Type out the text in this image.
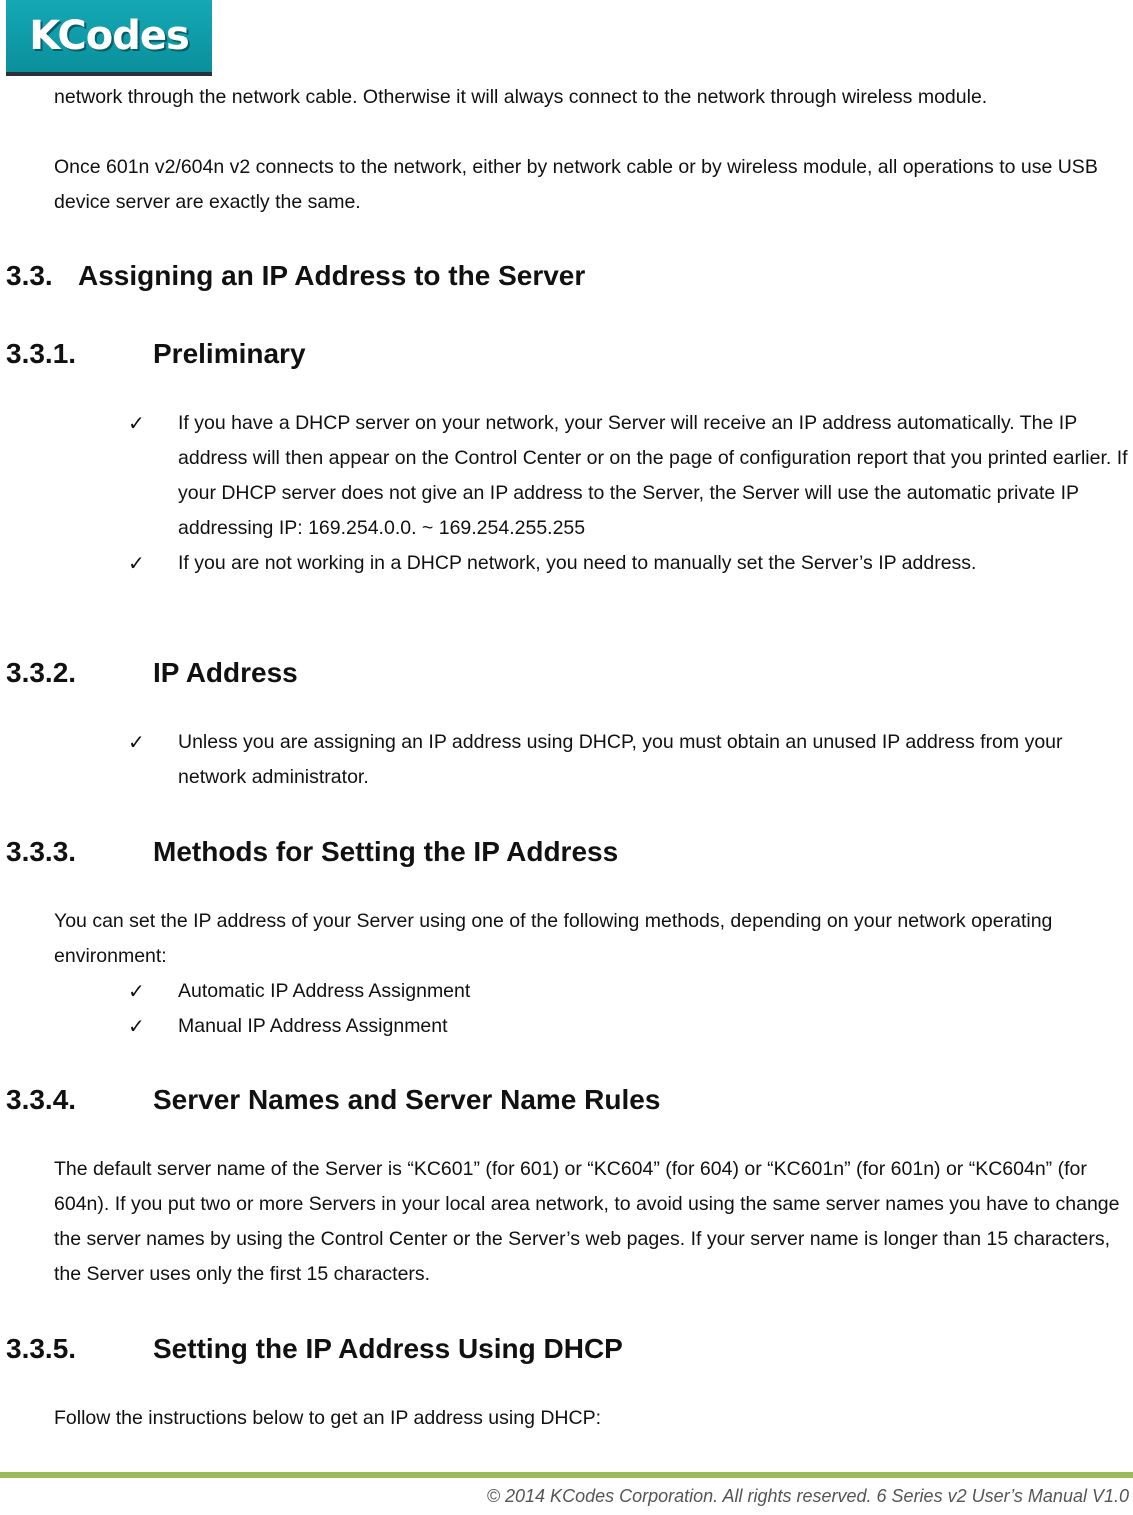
KCodes

network through the network cable. Otherwise it will always connect to the network through wireless module.

Once 601n v2/604n v2 connects to the network, either by network cable or by wireless module, all operations to use USB device server are exactly the same.

3.3. Assigning an IP Address to the Server
3.3.1.	Preliminary
✓ If you have a DHCP server on your network, your Server will receive an IP address automatically. The IP address will then appear on the Control Center or on the page of configuration report that you printed earlier. If your DHCP server does not give an IP address to the Server, the Server will use the automatic private IP addressing IP: 169.254.0.0. ~ 169.254.255.255
✓ If you are not working in a DHCP network, you need to manually set the Server’s IP address.
3.3.2.	IP Address
✓ Unless you are assigning an IP address using DHCP, you must obtain an unused IP address from your network administrator.
3.3.3.	Methods for Setting the IP Address

You can set the IP address of your Server using one of the following methods, depending on your network operating environment:

✓ Automatic IP Address Assignment
✓ Manual IP Address Assignment
3.3.4.	Server Names and Server Name Rules

The default server name of the Server is “KC601” (for 601) or “KC604” (for 604) or “KC601n” (for 601n) or “KC604n” (for 604n). If you put two or more Servers in your local area network, to avoid using the same server names you have to change the server names by using the Control Center or the Server’s web pages. If your server name is longer than 15 characters, the Server uses only the first 15 characters.

3.3.5.	Setting the IP Address Using DHCP

Follow the instructions below to get an IP address using DHCP:

© 2014 KCodes Corporation. All rights reserved. 6 Series v2 User’s Manual V1.0
